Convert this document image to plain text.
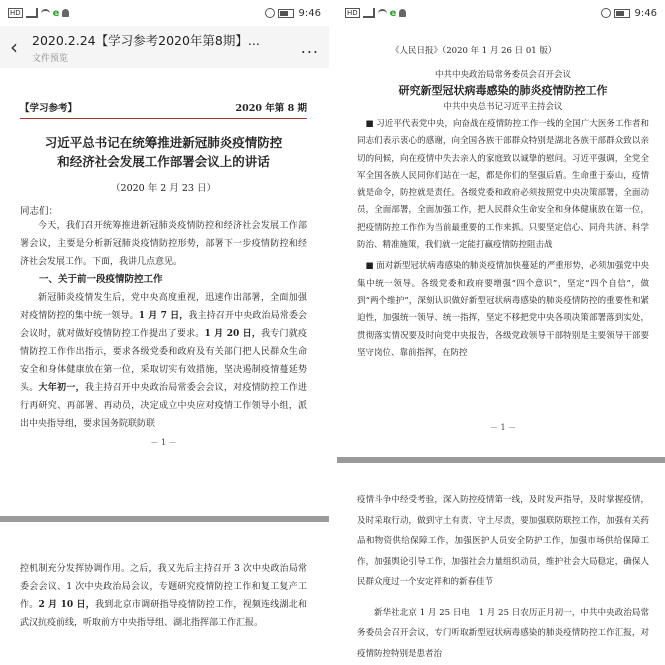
HD	e	9:46
‹	2020.2.24【学习参考2020年第8期】...
文件预览
...
【学习参考】	2020 年第 8 期
习近平总书记在统筹推进新冠肺炎疫情防控
和经济社会发展工作部署会议上的讲话
（2020 年 2 月 23 日）
同志们：
今天，我们召开统筹推进新冠肺炎疫情防控和经济社会发展工作部署会议，主要是分析新冠肺炎疫情防控形势，部署下一步疫情防控和经济社会发展工作。下面，我讲几点意见。
一、关于前一段疫情防控工作
新冠肺炎疫情发生后，党中央高度重视，迅速作出部署，全面加强对疫情防控的集中统一领导。1 月 7 日，我主持召开中央政治局常委会会议时，就对做好疫情防控工作提出了要求。1 月 20 日，我专门就疫情防控工作作出指示，要求各级党委和政府及有关部门把人民群众生命安全和身体健康放在第一位，采取切实有效措施，坚决遏制疫情蔓延势头。大年初一，我主持召开中央政治局常委会会议，对疫情防控工作进行再研究、再部署、再动员，决定成立中央应对疫情工作领导小组，派出中央指导组，要求国务院联防联
－ 1 －
控机制充分发挥协调作用。之后，我又先后主持召开 3 次中央政治局常委会会议、1 次中央政治局会议，专题研究疫情防控工作和复工复产工作。2 月 10 日，我到北京市调研指导疫情防控工作，视频连线湖北和武汉抗疫前线，听取前方中央指导组、湖北指挥部工作汇报。
HD	e	9:46
《人民日报》（2020 年 1 月 26 日 01 版）
中共中央政治局常务委员会召开会议
研究新型冠状病毒感染的肺炎疫情防控工作
中共中央总书记习近平主持会议
■ 习近平代表党中央，向奋战在疫情防控工作一线的全国广大医务工作者和同志们表示衷心的感谢，向全国各族干部群众特别是湖北各族干部群众致以亲切的问候，向在疫情中失去亲人的家庭致以诚挚的慰问。习近平强调，全党全军全国各族人民同你们站在一起，都是你们的坚强后盾。生命重于泰山，疫情就是命令，防控就是责任。各级党委和政府必须按照党中央决策部署，全面动员，全面部署，全面加强工作，把人民群众生命安全和身体健康放在第一位，把疫情防控工作作为当前最重要的工作来抓。只要坚定信心、同舟共济、科学防治、精准施策，我们就一定能打赢疫情防控阻击战
■ 面对新型冠状病毒感染的肺炎疫情加快蔓延的严重形势，必须加强党中央集中统一领导。各级党委和政府要增强“四个意识”，坚定“四个自信”，做到“两个维护”，深刻认识做好新型冠状病毒感染的肺炎疫情防控的重要性和紧迫性，加强统一领导、统一指挥，坚定不移把党中央各项决策部署落到实处，贯彻落实情况要及时向党中央报告，各级党政领导干部特别是主要领导干部要坚守岗位、靠前指挥，在防控
－ 1 －
疫情斗争中经受考验，深入防控疫情第一线，及时发声指导，及时掌握疫情，及时采取行动，做到守土有责、守土尽责，要加强联防联控工作，加强有关药品和物资供给保障工作，加强医护人员安全防护工作，加强市场供给保障工作，加强舆论引导工作，加强社会力量组织动员，维护社会大局稳定，确保人民群众度过一个安定祥和的新春佳节
新华社北京 1 月 25 日电　1 月 25 日农历正月初一，中共中央政治局常务委员会召开会议，专门听取新型冠状病毒感染的肺炎疫情防控工作汇报，对疫情防控特别是患者治
